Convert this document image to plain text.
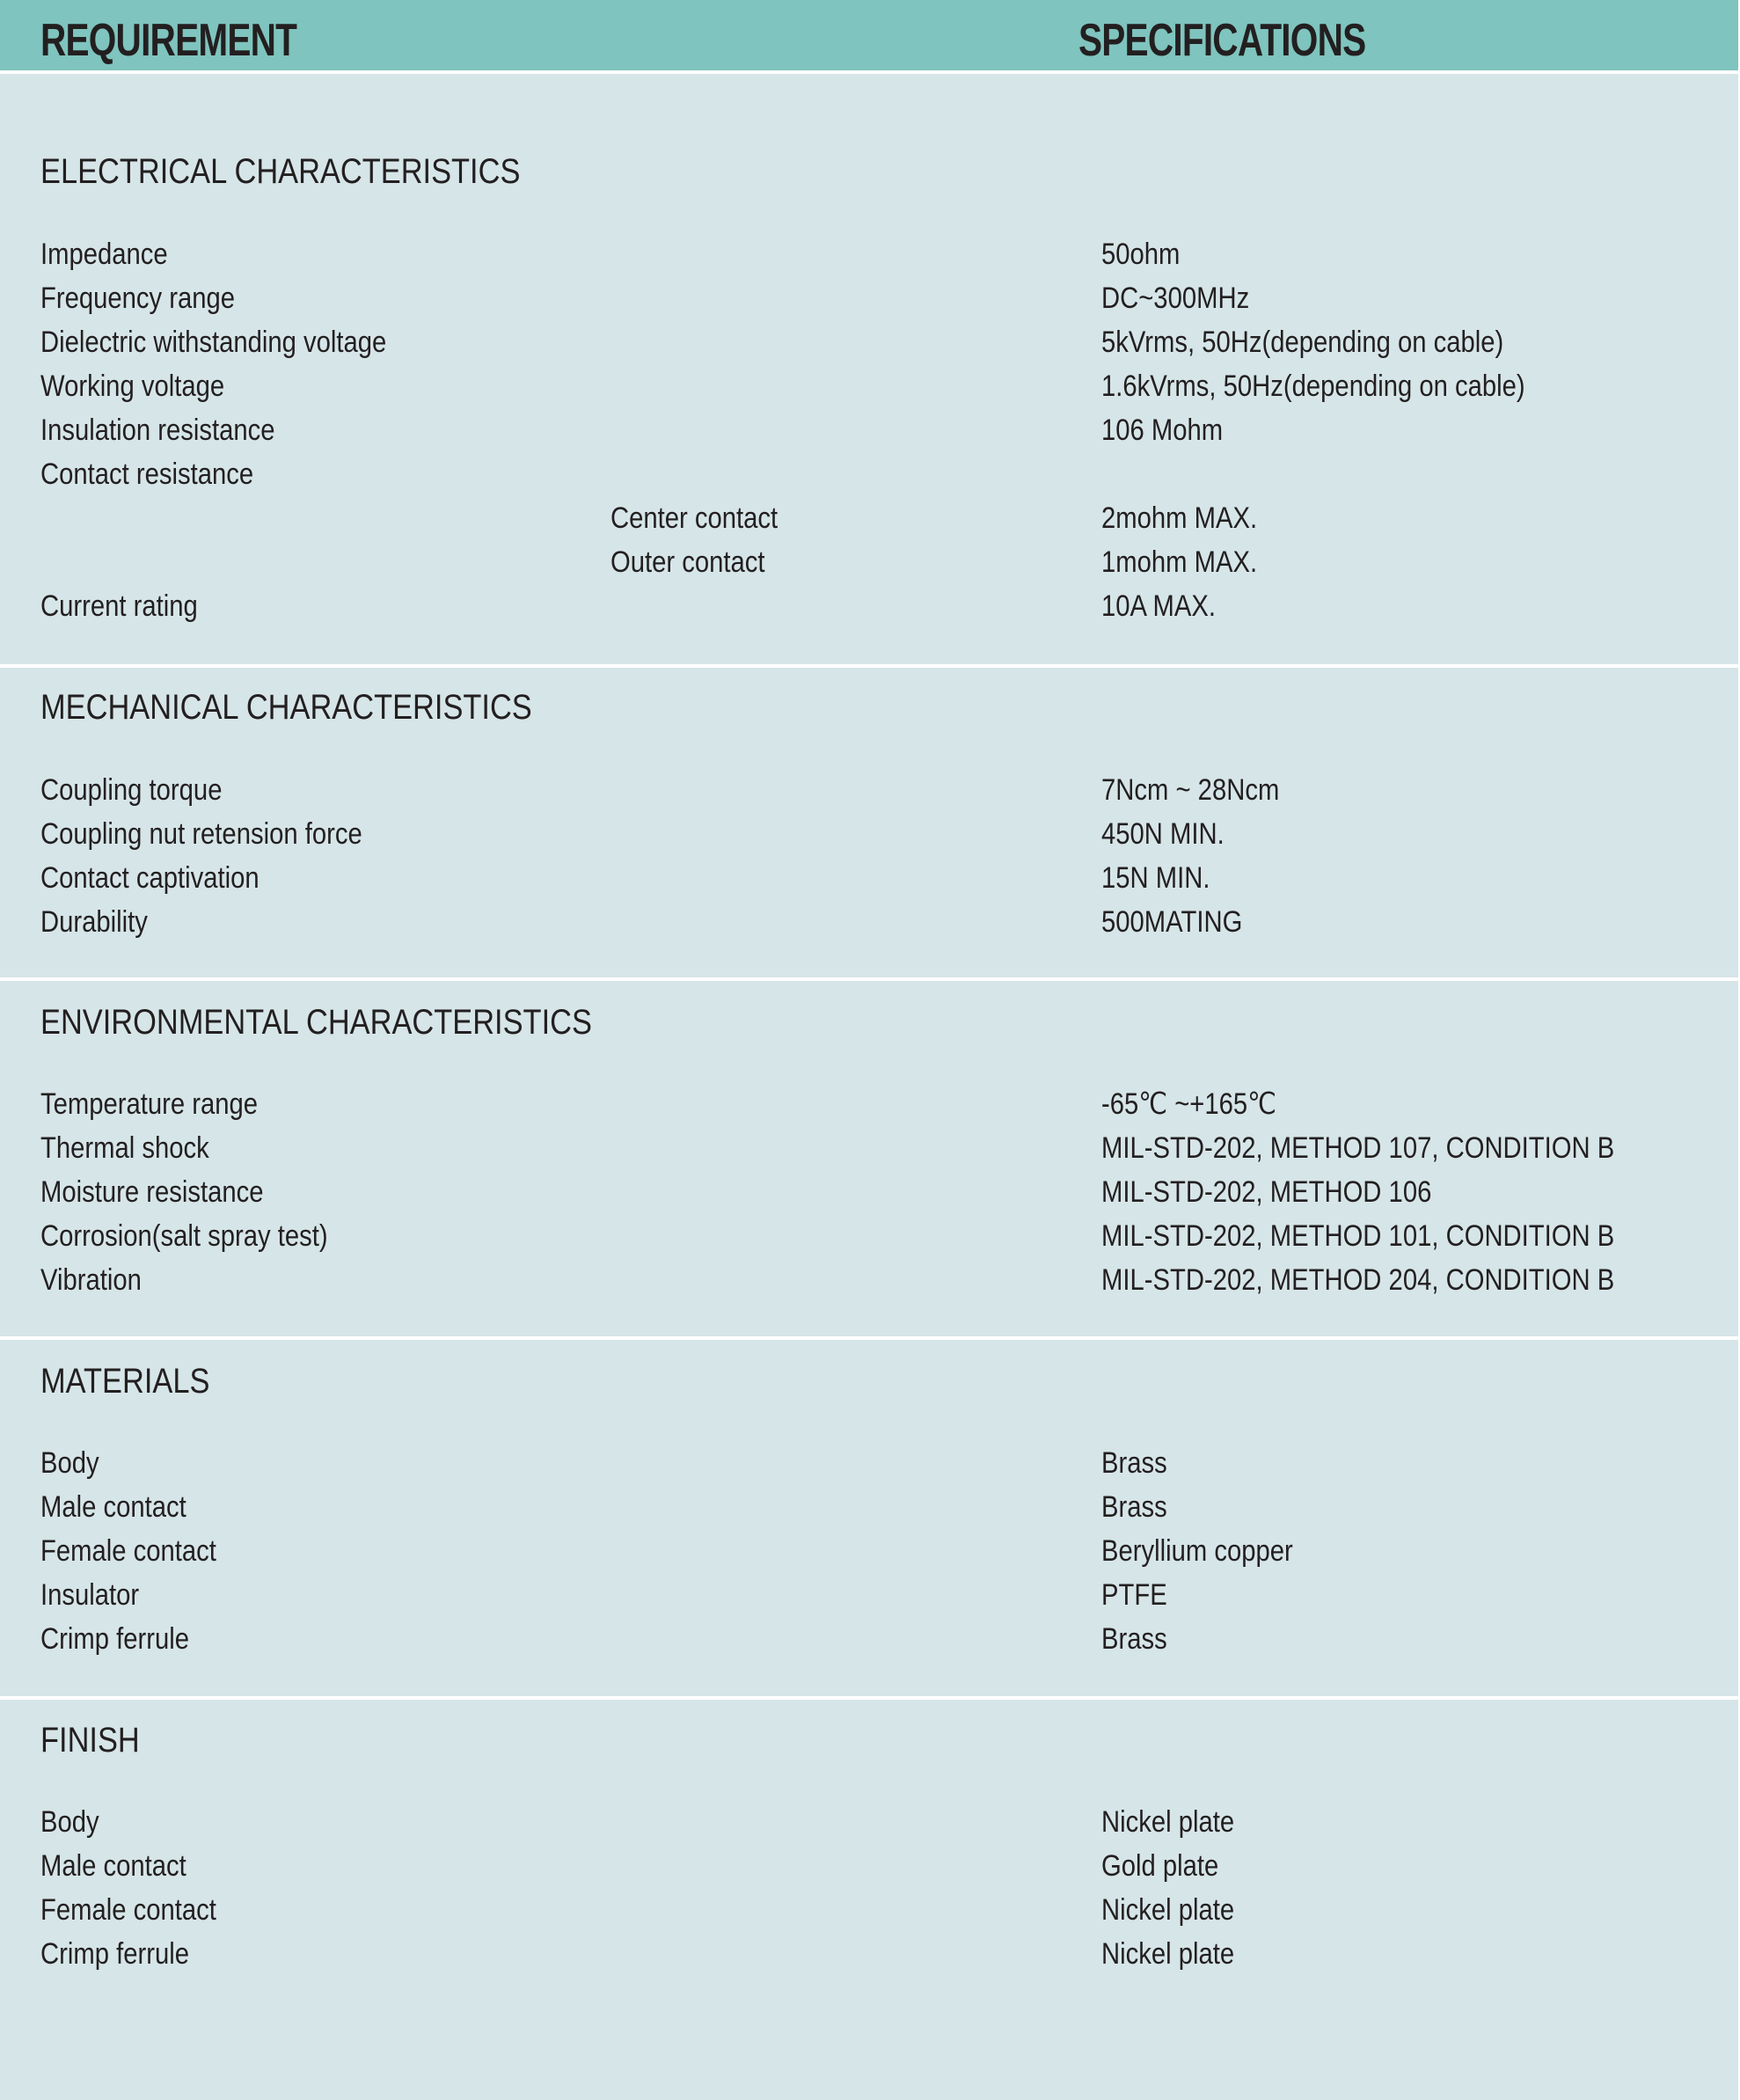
REQUIREMENT	SPECIFICATIONS
ELECTRICAL CHARACTERISTICS
Impedance	50ohm
Frequency range	DC~300MHz
Dielectric withstanding voltage	5kVrms, 50Hz(depending on cable)
Working voltage	1.6kVrms, 50Hz(depending on cable)
Insulation resistance	106 Mohm
Contact resistance
Center contact	2mohm MAX.
Outer contact	1mohm MAX.
Current rating	10A MAX.
MECHANICAL CHARACTERISTICS
Coupling torque	7Ncm ~ 28Ncm
Coupling nut retension force	450N MIN.
Contact captivation	15N MIN.
Durability	500MATING
ENVIRONMENTAL CHARACTERISTICS
Temperature range	-65℃ ~+165℃
Thermal shock	MIL-STD-202, METHOD 107, CONDITION B
Moisture resistance	MIL-STD-202, METHOD 106
Corrosion(salt spray test)	MIL-STD-202, METHOD 101, CONDITION B
Vibration	MIL-STD-202, METHOD 204, CONDITION B
MATERIALS
Body	Brass
Male contact	Brass
Female contact	Beryllium copper
Insulator	PTFE
Crimp ferrule	Brass
FINISH
Body	Nickel plate
Male contact	Gold plate
Female contact	Nickel plate
Crimp ferrule	Nickel plate
